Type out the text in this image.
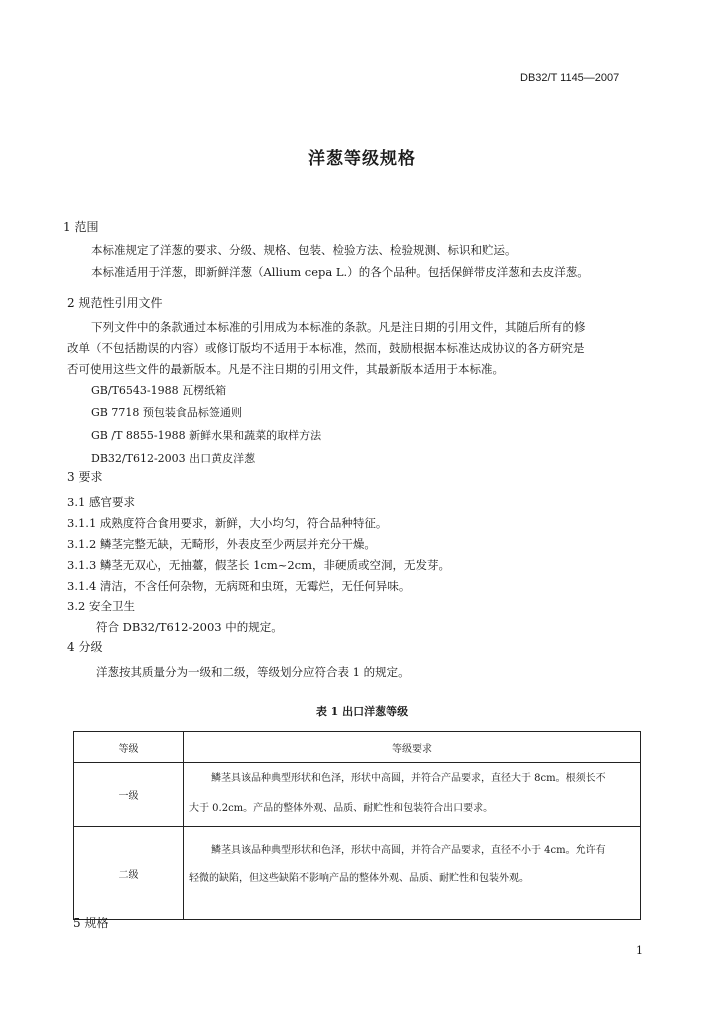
DB32/T 1145—2007
洋葱等级规格
1 范围
本标准规定了洋葱的要求、分级、规格、包装、检验方法、检验规测、标识和贮运。
本标准适用于洋葱，即新鲜洋葱（Allium cepa L.）的各个品种。包括保鲜带皮洋葱和去皮洋葱。
2 规范性引用文件
下列文件中的条款通过本标准的引用成为本标准的条款。凡是注日期的引用文件，其随后所有的修
改单（不包括勘误的内容）或修订版均不适用于本标准，然而，鼓励根据本标准达成协议的各方研究是
否可使用这些文件的最新版本。凡是不注日期的引用文件，其最新版本适用于本标准。
GB/T6543-1988 瓦楞纸箱
GB 7718 预包装食品标签通则
GB /T 8855-1988 新鲜水果和蔬菜的取样方法
DB32/T612-2003 出口黄皮洋葱
3 要求
3.1 感官要求
3.1.1 成熟度符合食用要求，新鲜，大小均匀，符合品种特征。
3.1.2 鳞茎完整无缺，无畸形，外表皮至少两层并充分干燥。
3.1.3 鳞茎无双心，无抽薹，假茎长 1cm~2cm，非硬质或空洞，无发芽。
3.1.4 清洁，不含任何杂物，无病斑和虫斑，无霉烂，无任何异味。
3.2 安全卫生
符合 DB32/T612-2003 中的规定。
4 分级
洋葱按其质量分为一级和二级，等级划分应符合表 1 的规定。
表 1 出口洋葱等级
等级	等级要求
一级	鳞茎具该品种典型形状和色泽，形状中高圆，并符合产品要求，直径大于 8cm。根须长不
大于 0.2cm。产品的整体外观、品质、耐贮性和包装符合出口要求。

二级	鳞茎具该品种典型形状和色泽，形状中高圆，并符合产品要求，直径不小于 4cm。允许有
轻微的缺陷，但这些缺陷不影响产品的整体外观、品质、耐贮性和包装外观。
5 规格
1
